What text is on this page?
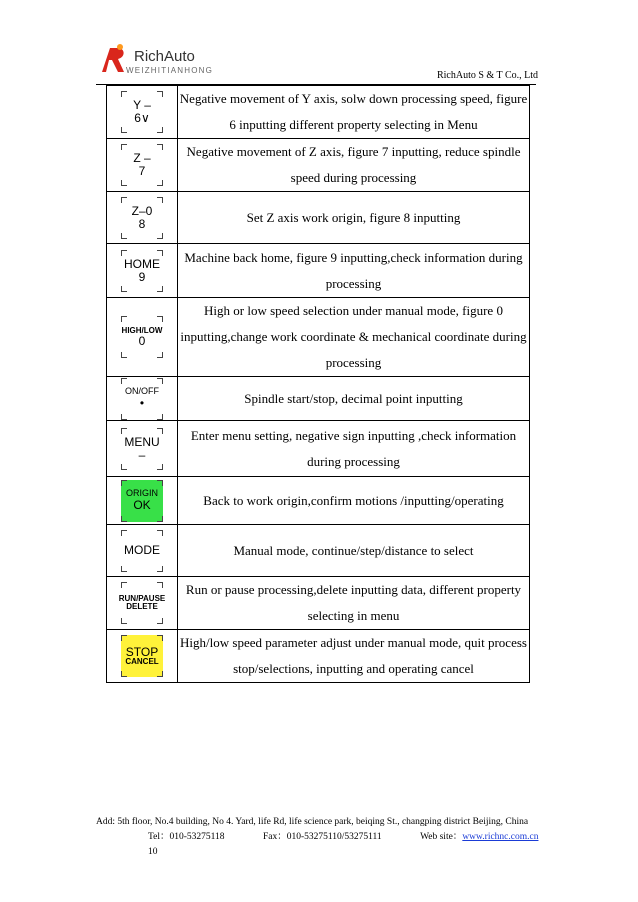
RichAuto
WEIZHITIANHONG	RichAuto S & T Co., Ltd
Y –
6∨	Negative movement of Y axis, solw down processing speed, figure 6 inputting different property selecting in Menu

Z –
7	Negative movement of Z axis, figure 7 inputting, reduce spindle speed during processing

Z–0
8	Set Z axis work origin, figure 8 inputting

HOME
9	Machine back home, figure 9 inputting,check information during processing

HIGH/LOW
0	High or low speed selection under manual mode, figure 0 inputting,change work coordinate & mechanical coordinate during processing

ON/OFF
•	Spindle start/stop, decimal point inputting

MENU
–	Enter menu setting, negative sign inputting ,check information during processing

ORIGIN
OK	Back to work origin,confirm motions /inputting/operating

MODE	Manual mode, continue/step/distance to select

RUN/PAUSE
DELETE	Run or pause processing,delete inputting data, different property selecting in menu

STOP
CANCEL	High/low speed parameter adjust under manual mode, quit process stop/selections, inputting and operating cancel
Add: 5th floor, No.4 building, No 4. Yard, life Rd, life science park, beiqing St., changping district Beijing, China
Tel：010-53275118	Fax：010-53275110/53275111	Web site：www.richnc.com.cn
10
